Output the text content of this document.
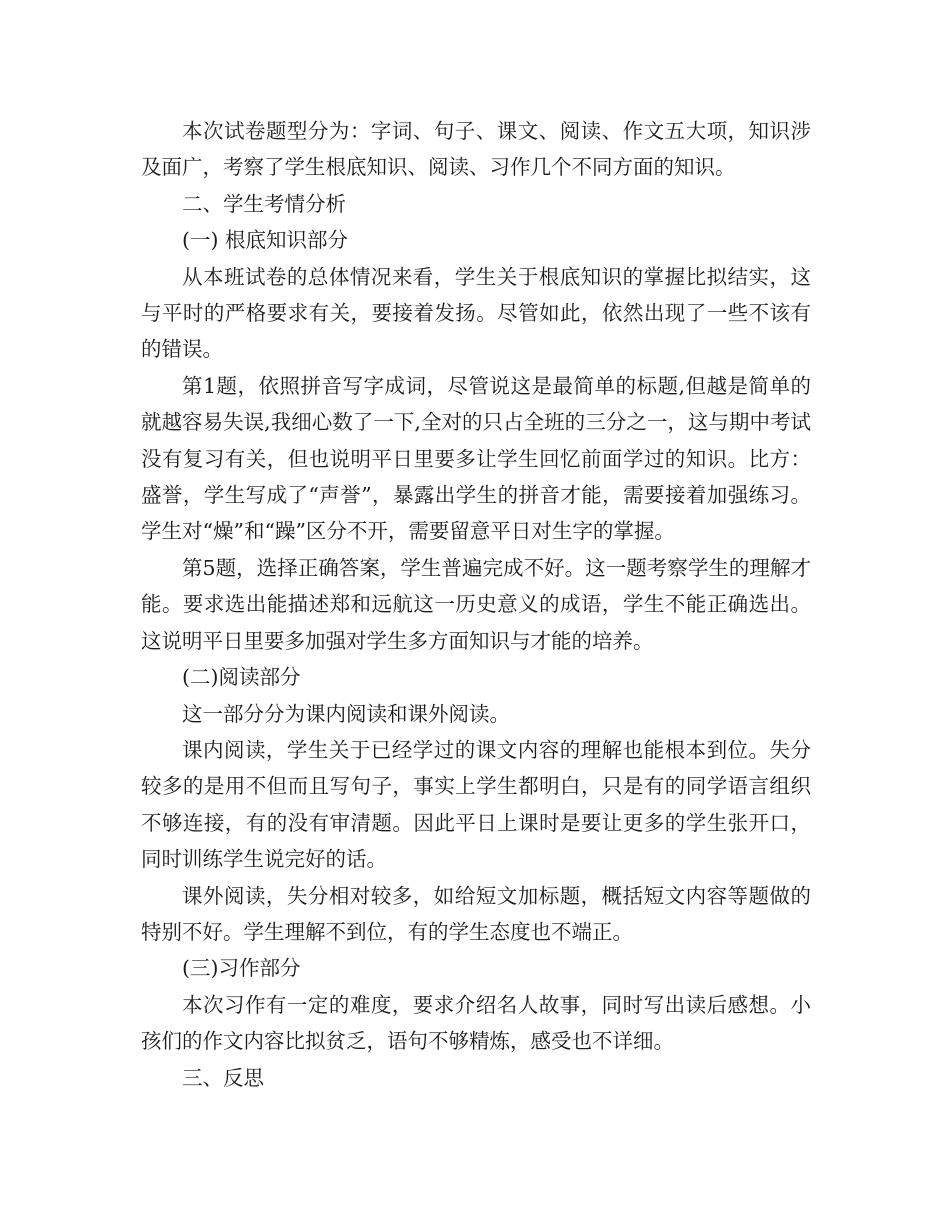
本次试卷题型分为：字词、句子、课文、阅读、作文五大项，知识涉及面广，考察了学生根底知识、阅读、习作几个不同方面的知识。

二、学生考情分析

(一) 根底知识部分

从本班试卷的总体情况来看，学生关于根底知识的掌握比拟结实，这与平时的严格要求有关，要接着发扬。尽管如此，依然出现了一些不该有的错误。

第1题，依照拼音写字成词，尽管说这是最简单的标题,但越是简单的就越容易失误,我细心数了一下,全对的只占全班的三分之一，这与期中考试没有复习有关，但也说明平日里要多让学生回忆前面学过的知识。比方：盛誉，学生写成了“声誉”，暴露出学生的拼音才能，需要接着加强练习。学生对“燥”和“躁”区分不开，需要留意平日对生字的掌握。

第5题，选择正确答案，学生普遍完成不好。这一题考察学生的理解才能。要求选出能描述郑和远航这一历史意义的成语，学生不能正确选出。这说明平日里要多加强对学生多方面知识与才能的培养。

(二)阅读部分

这一部分分为课内阅读和课外阅读。

课内阅读，学生关于已经学过的课文内容的理解也能根本到位。失分较多的是用不但而且写句子，事实上学生都明白，只是有的同学语言组织不够连接，有的没有审清题。因此平日上课时是要让更多的学生张开口，同时训练学生说完好的话。

课外阅读，失分相对较多，如给短文加标题，概括短文内容等题做的特别不好。学生理解不到位，有的学生态度也不端正。

(三)习作部分

本次习作有一定的难度，要求介绍名人故事，同时写出读后感想。小孩们的作文内容比拟贫乏，语句不够精炼，感受也不详细。

三、反思
